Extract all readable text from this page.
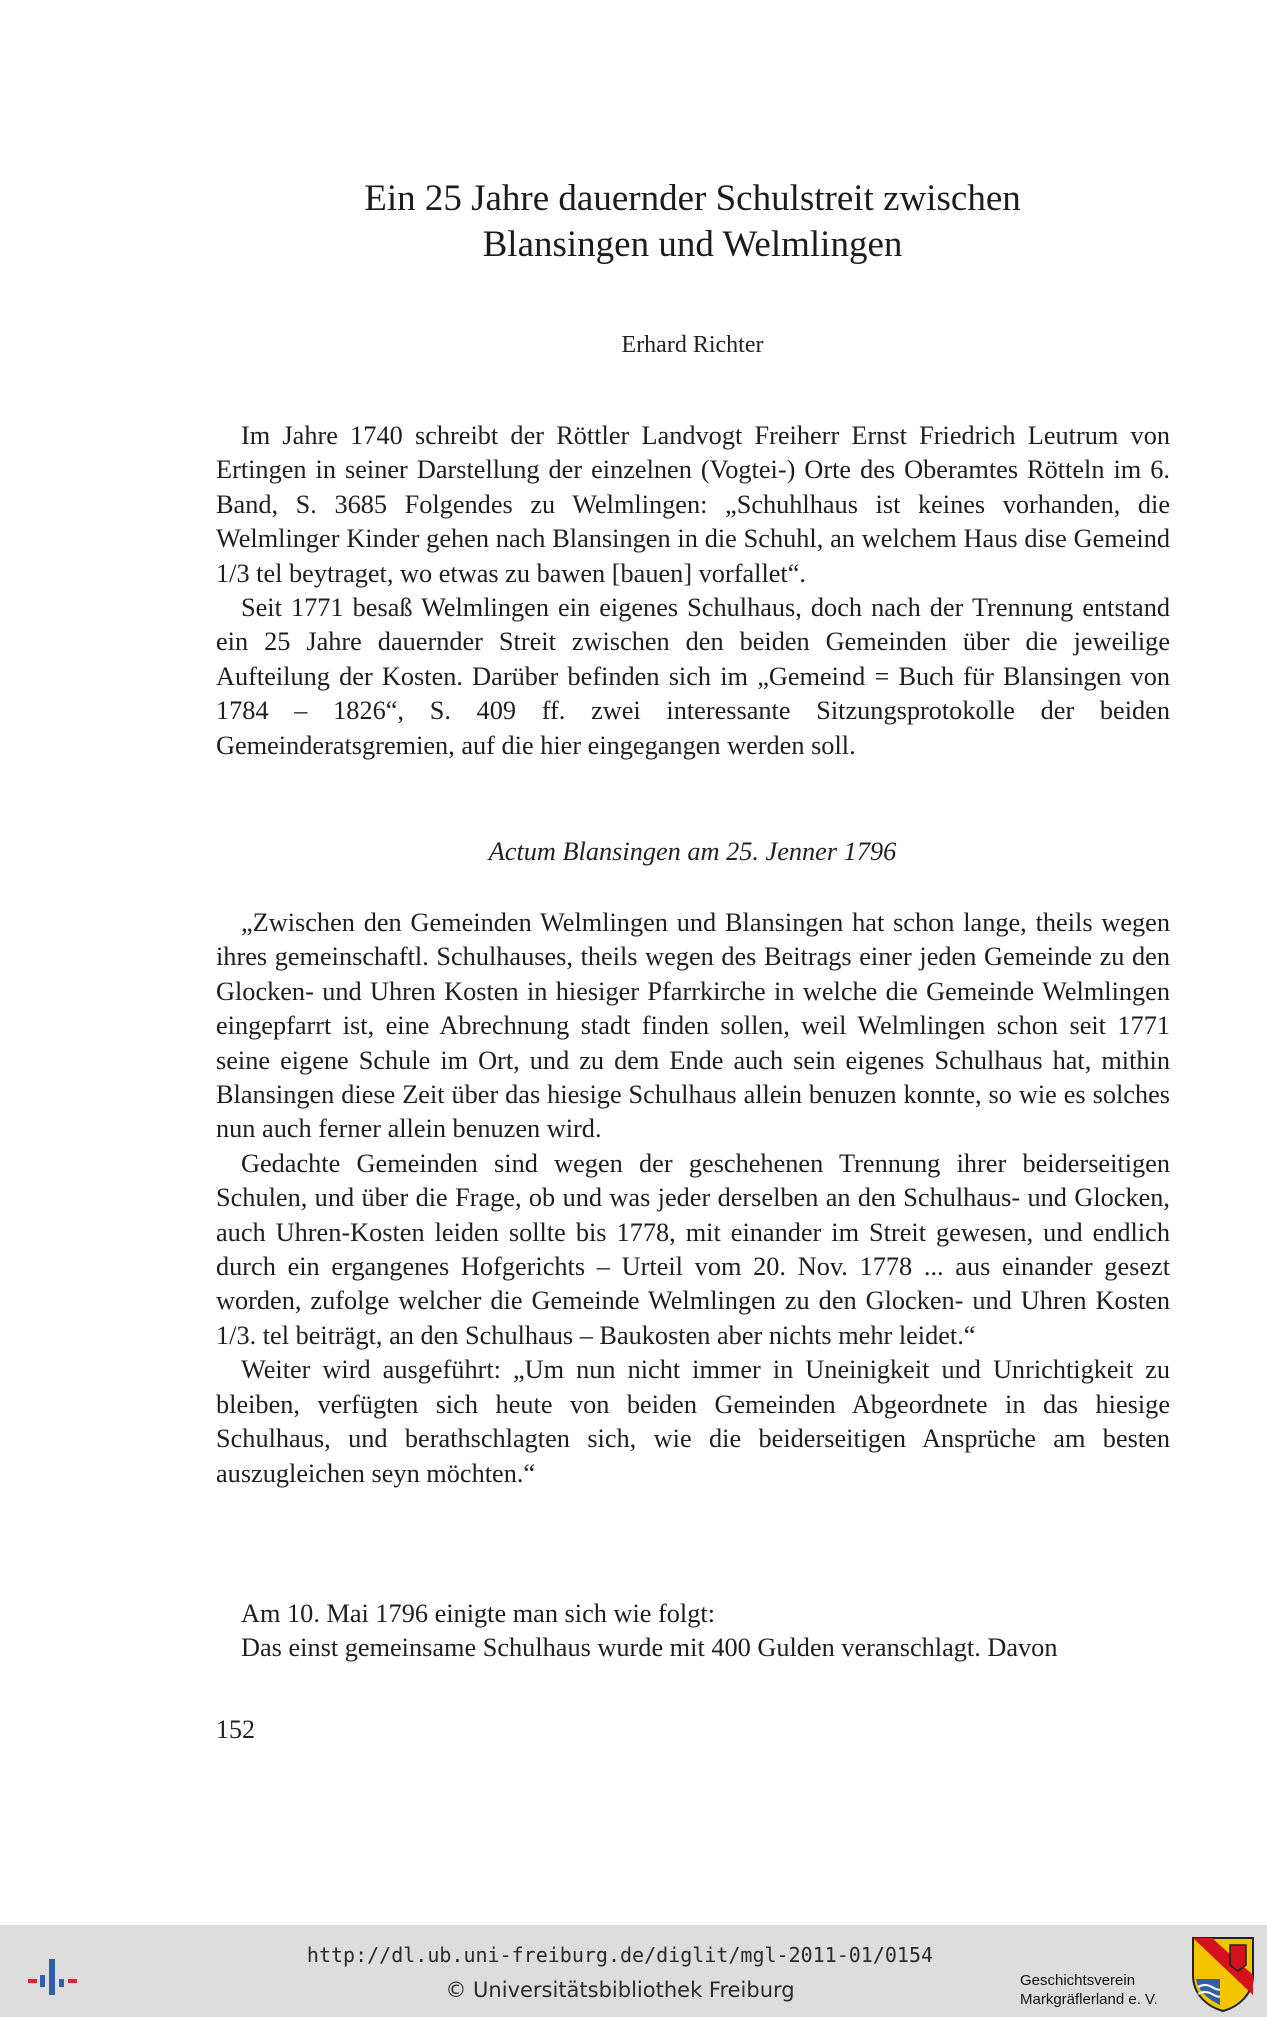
Ein 25 Jahre dauernder Schulstreit zwischen
Blansingen und Welmlingen
Erhard Richter

Im Jahre 1740 schreibt der Röttler Landvogt Freiherr Ernst Friedrich Leutrum von Ertingen in seiner Darstellung der einzelnen (Vogtei-) Orte des Oberamtes Rötteln im 6. Band, S. 3685 Folgendes zu Welmlingen: „Schuhlhaus ist keines vorhanden, die Welmlinger Kinder gehen nach Blansingen in die Schuhl, an welchem Haus dise Gemeind 1/3 tel beytraget, wo etwas zu bawen [bauen] vorfallet“.

Seit 1771 besaß Welmlingen ein eigenes Schulhaus, doch nach der Trennung entstand ein 25 Jahre dauernder Streit zwischen den beiden Gemeinden über die jeweilige Aufteilung der Kosten. Darüber befinden sich im „Gemeind = Buch für Blansingen von 1784 – 1826“, S. 409 ff. zwei interessante Sitzungsprotokolle der beiden Gemeinderatsgremien, auf die hier eingegangen werden soll.

Actum Blansingen am 25. Jenner 1796

„Zwischen den Gemeinden Welmlingen und Blansingen hat schon lange, theils wegen ihres gemeinschaftl. Schulhauses, theils wegen des Beitrags einer jeden Gemeinde zu den Glocken- und Uhren Kosten in hiesiger Pfarrkirche in welche die Gemeinde Welmlingen eingepfarrt ist, eine Abrechnung stadt finden sollen, weil Welmlingen schon seit 1771 seine eigene Schule im Ort, und zu dem Ende auch sein eigenes Schulhaus hat, mithin Blansingen diese Zeit über das hiesige Schulhaus allein benuzen konnte, so wie es solches nun auch ferner allein benuzen wird.

Gedachte Gemeinden sind wegen der geschehenen Trennung ihrer beiderseitigen Schulen, und über die Frage, ob und was jeder derselben an den Schulhaus- und Glocken, auch Uhren-Kosten leiden sollte bis 1778, mit einander im Streit gewesen, und endlich durch ein ergangenes Hofgerichts – Urteil vom 20. Nov. 1778 ... aus einander gesezt worden, zufolge welcher die Gemeinde Welmlingen zu den Glocken- und Uhren Kosten 1/3. tel beiträgt, an den Schulhaus – Baukosten aber nichts mehr leidet.“

Weiter wird ausgeführt: „Um nun nicht immer in Uneinigkeit und Unrichtigkeit zu bleiben, verfügten sich heute von beiden Gemeinden Abgeordnete in das hiesige Schulhaus, und berathschlagten sich, wie die beiderseitigen Ansprüche am besten auszugleichen seyn möchten.“

Am 10. Mai 1796 einigte man sich wie folgt:

Das einst gemeinsame Schulhaus wurde mit 400 Gulden veranschlagt. Davon

152
http://dl.ub.uni-freiburg.de/diglit/mgl-2011-01/0154
© Universitätsbibliothek Freiburg	Geschichtsverein
Markgräflerland e. V.
